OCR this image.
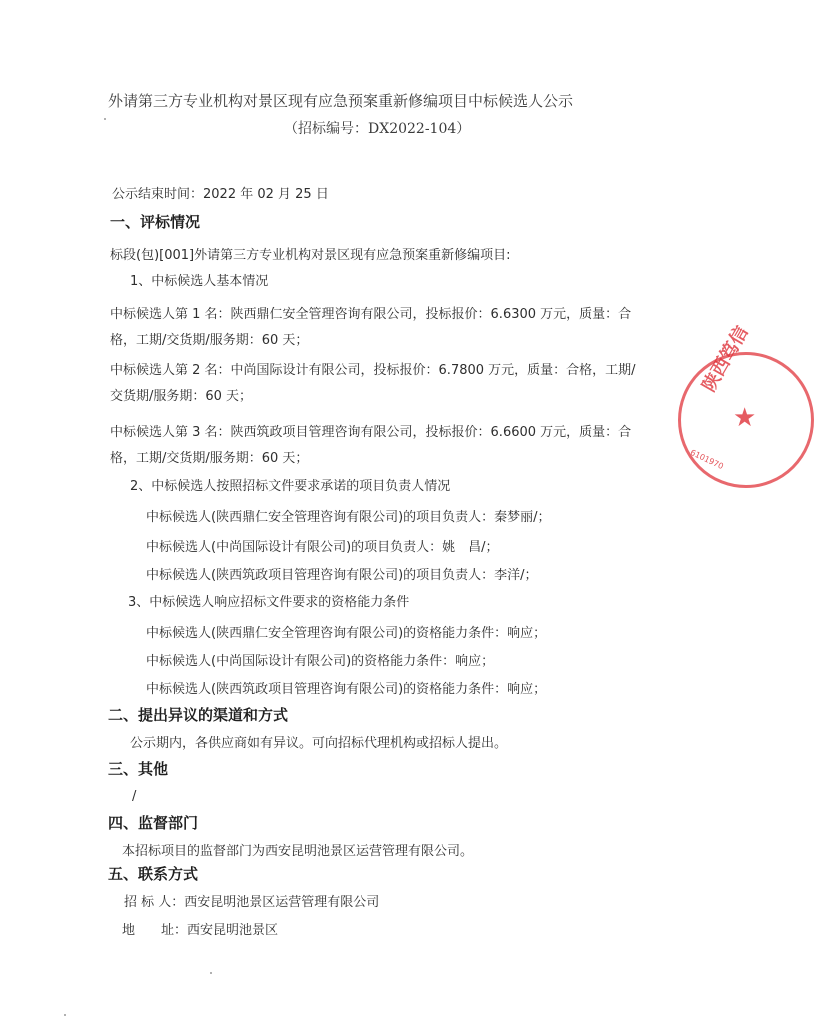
外请第三方专业机构对景区现有应急预案重新修编项目中标候选人公示
（招标编号：DX2022-104）
公示结束时间：2022 年 02 月 25 日
一、评标情况
标段(包)[001]外请第三方专业机构对景区现有应急预案重新修编项目:
1、中标候选人基本情况
中标候选人第 1 名：陕西鼎仁安全管理咨询有限公司，投标报价：6.6300 万元，质量：合
格，工期/交货期/服务期：60 天；
中标候选人第 2 名：中尚国际设计有限公司，投标报价：6.7800 万元，质量：合格，工期/
交货期/服务期：60 天；
中标候选人第 3 名：陕西筑政项目管理咨询有限公司，投标报价：6.6600 万元，质量：合
格，工期/交货期/服务期：60 天；
2、中标候选人按照招标文件要求承诺的项目负责人情况
中标候选人(陕西鼎仁安全管理咨询有限公司)的项目负责人：秦梦丽/；
中标候选人(中尚国际设计有限公司)的项目负责人：姚　昌/；
中标候选人(陕西筑政项目管理咨询有限公司)的项目负责人：李洋/；
3、中标候选人响应招标文件要求的资格能力条件
中标候选人(陕西鼎仁安全管理咨询有限公司)的资格能力条件：响应；
中标候选人(中尚国际设计有限公司)的资格能力条件：响应；
中标候选人(陕西筑政项目管理咨询有限公司)的资格能力条件：响应；
二、提出异议的渠道和方式
公示期内，各供应商如有异议。可向招标代理机构或招标人提出。
三、其他
/
四、监督部门
本招标项目的监督部门为西安昆明池景区运营管理有限公司。
五、联系方式
招 标 人：西安昆明池景区运营管理有限公司
地　　址：西安昆明池景区
陕西笃信
★
6101970
